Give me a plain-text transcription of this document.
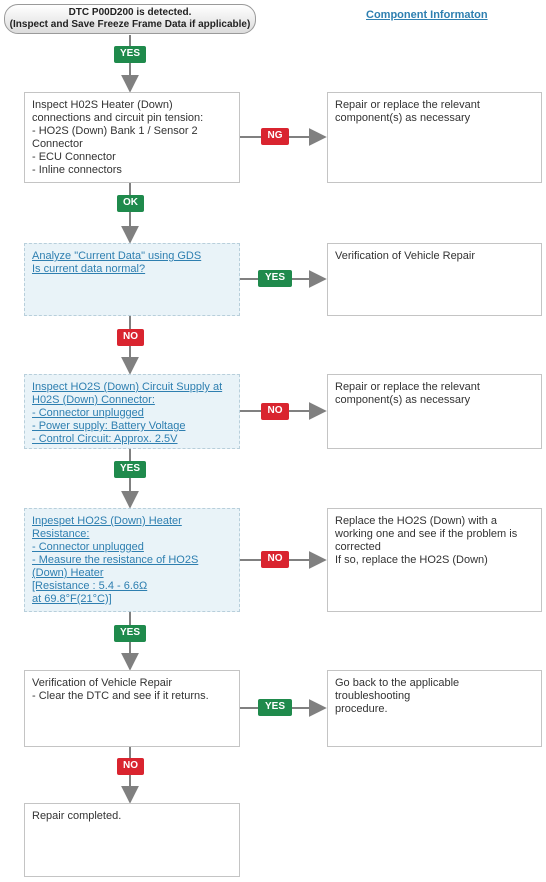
DTC P00D200 is detected.
(Inspect and Save Freeze Frame Data if applicable)
Component Informaton
Inspect H02S Heater (Down)
connections and circuit pin tension:
- HO2S (Down) Bank 1 / Sensor 2
Connector
- ECU Connector
- Inline connectors
Analyze "Current Data" using GDS
Is current data normal?
Inspect HO2S (Down) Circuit Supply at
H02S (Down) Connector:
- Connector unplugged
- Power supply: Battery Voltage
- Control Circuit: Approx. 2.5V
Inpespet HO2S (Down) Heater
Resistance:
- Connector unplugged
- Measure the resistance of HO2S
(Down) Heater
[Resistance : 5.4 - 6.6Ω
at 69.8°F(21°C)]
Verification of Vehicle Repair
- Clear the DTC and see if it returns.
Repair completed.
Repair or replace the relevant
component(s) as necessary
Verification of Vehicle Repair
Repair or replace the relevant
component(s) as necessary
Replace the HO2S (Down) with a
working one and see if the problem is
corrected
If so, replace the HO2S (Down)
Go back to the applicable troubleshooting
procedure.
YES
OK
NO
YES
YES
NO
NG
YES
NO
NO
YES
